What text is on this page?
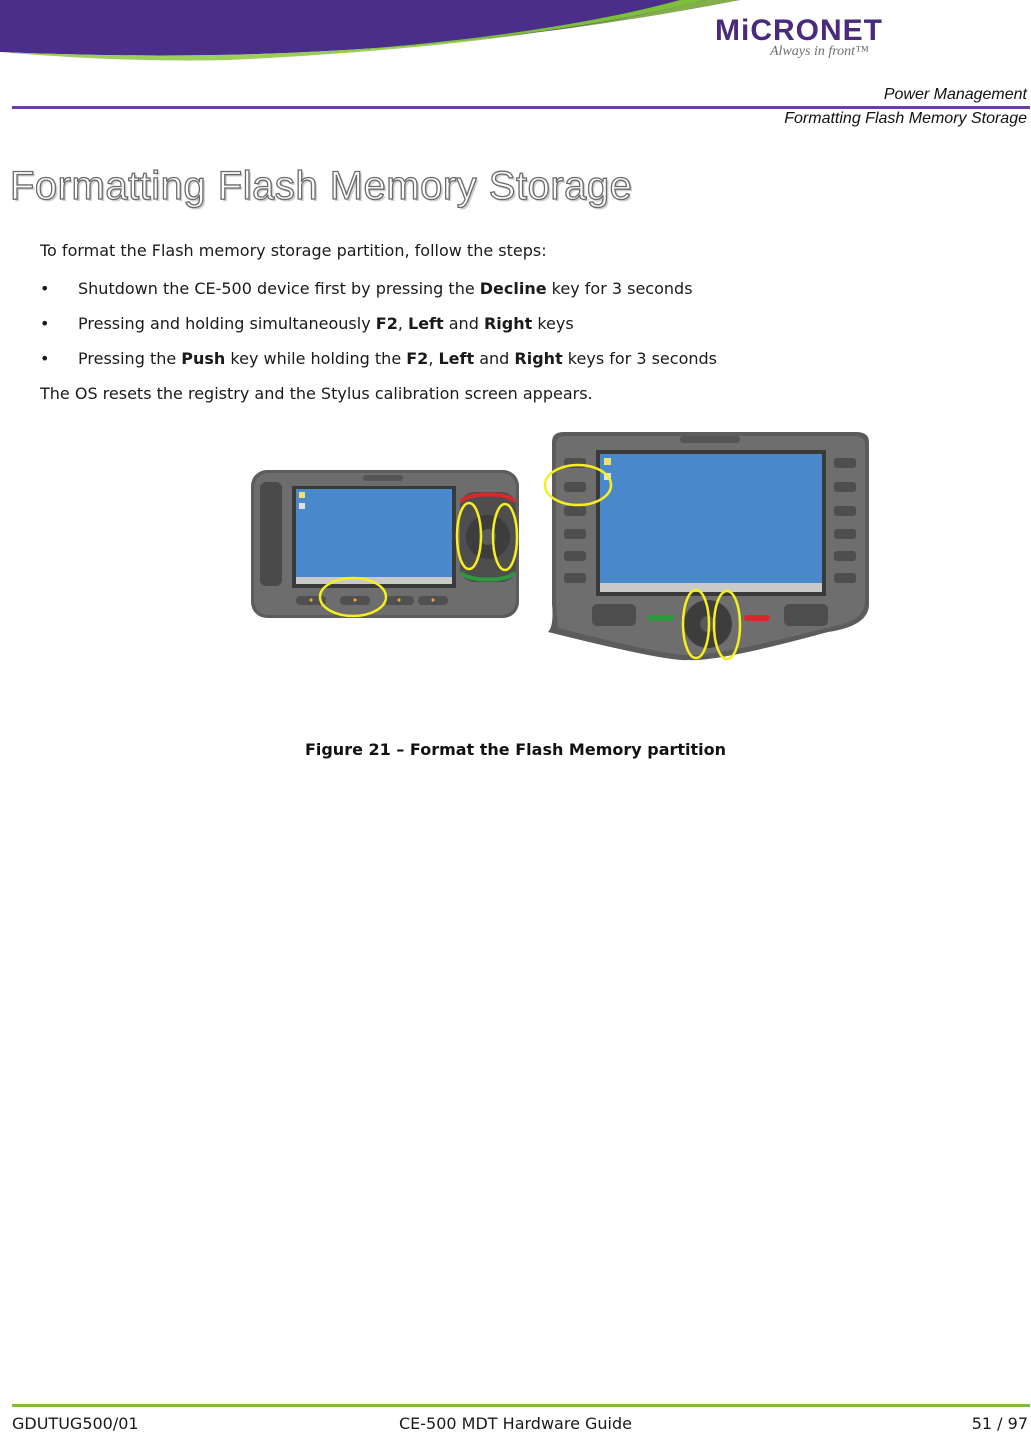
MiCRONET
Always in front™
Power Management
Formatting Flash Memory Storage
Formatting Flash Memory Storage
To format the Flash memory storage partition, follow the steps:
• Shutdown the CE-500 device first by pressing the Decline key for 3 seconds
• Pressing and holding simultaneously F2, Left and Right keys
• Pressing the Push key while holding the F2, Left and Right keys for 3 seconds
The OS resets the registry and the Stylus calibration screen appears.
Figure 21 – Format the Flash Memory partition
GDUTUG500/01	CE-500 MDT Hardware Guide	51 / 97
